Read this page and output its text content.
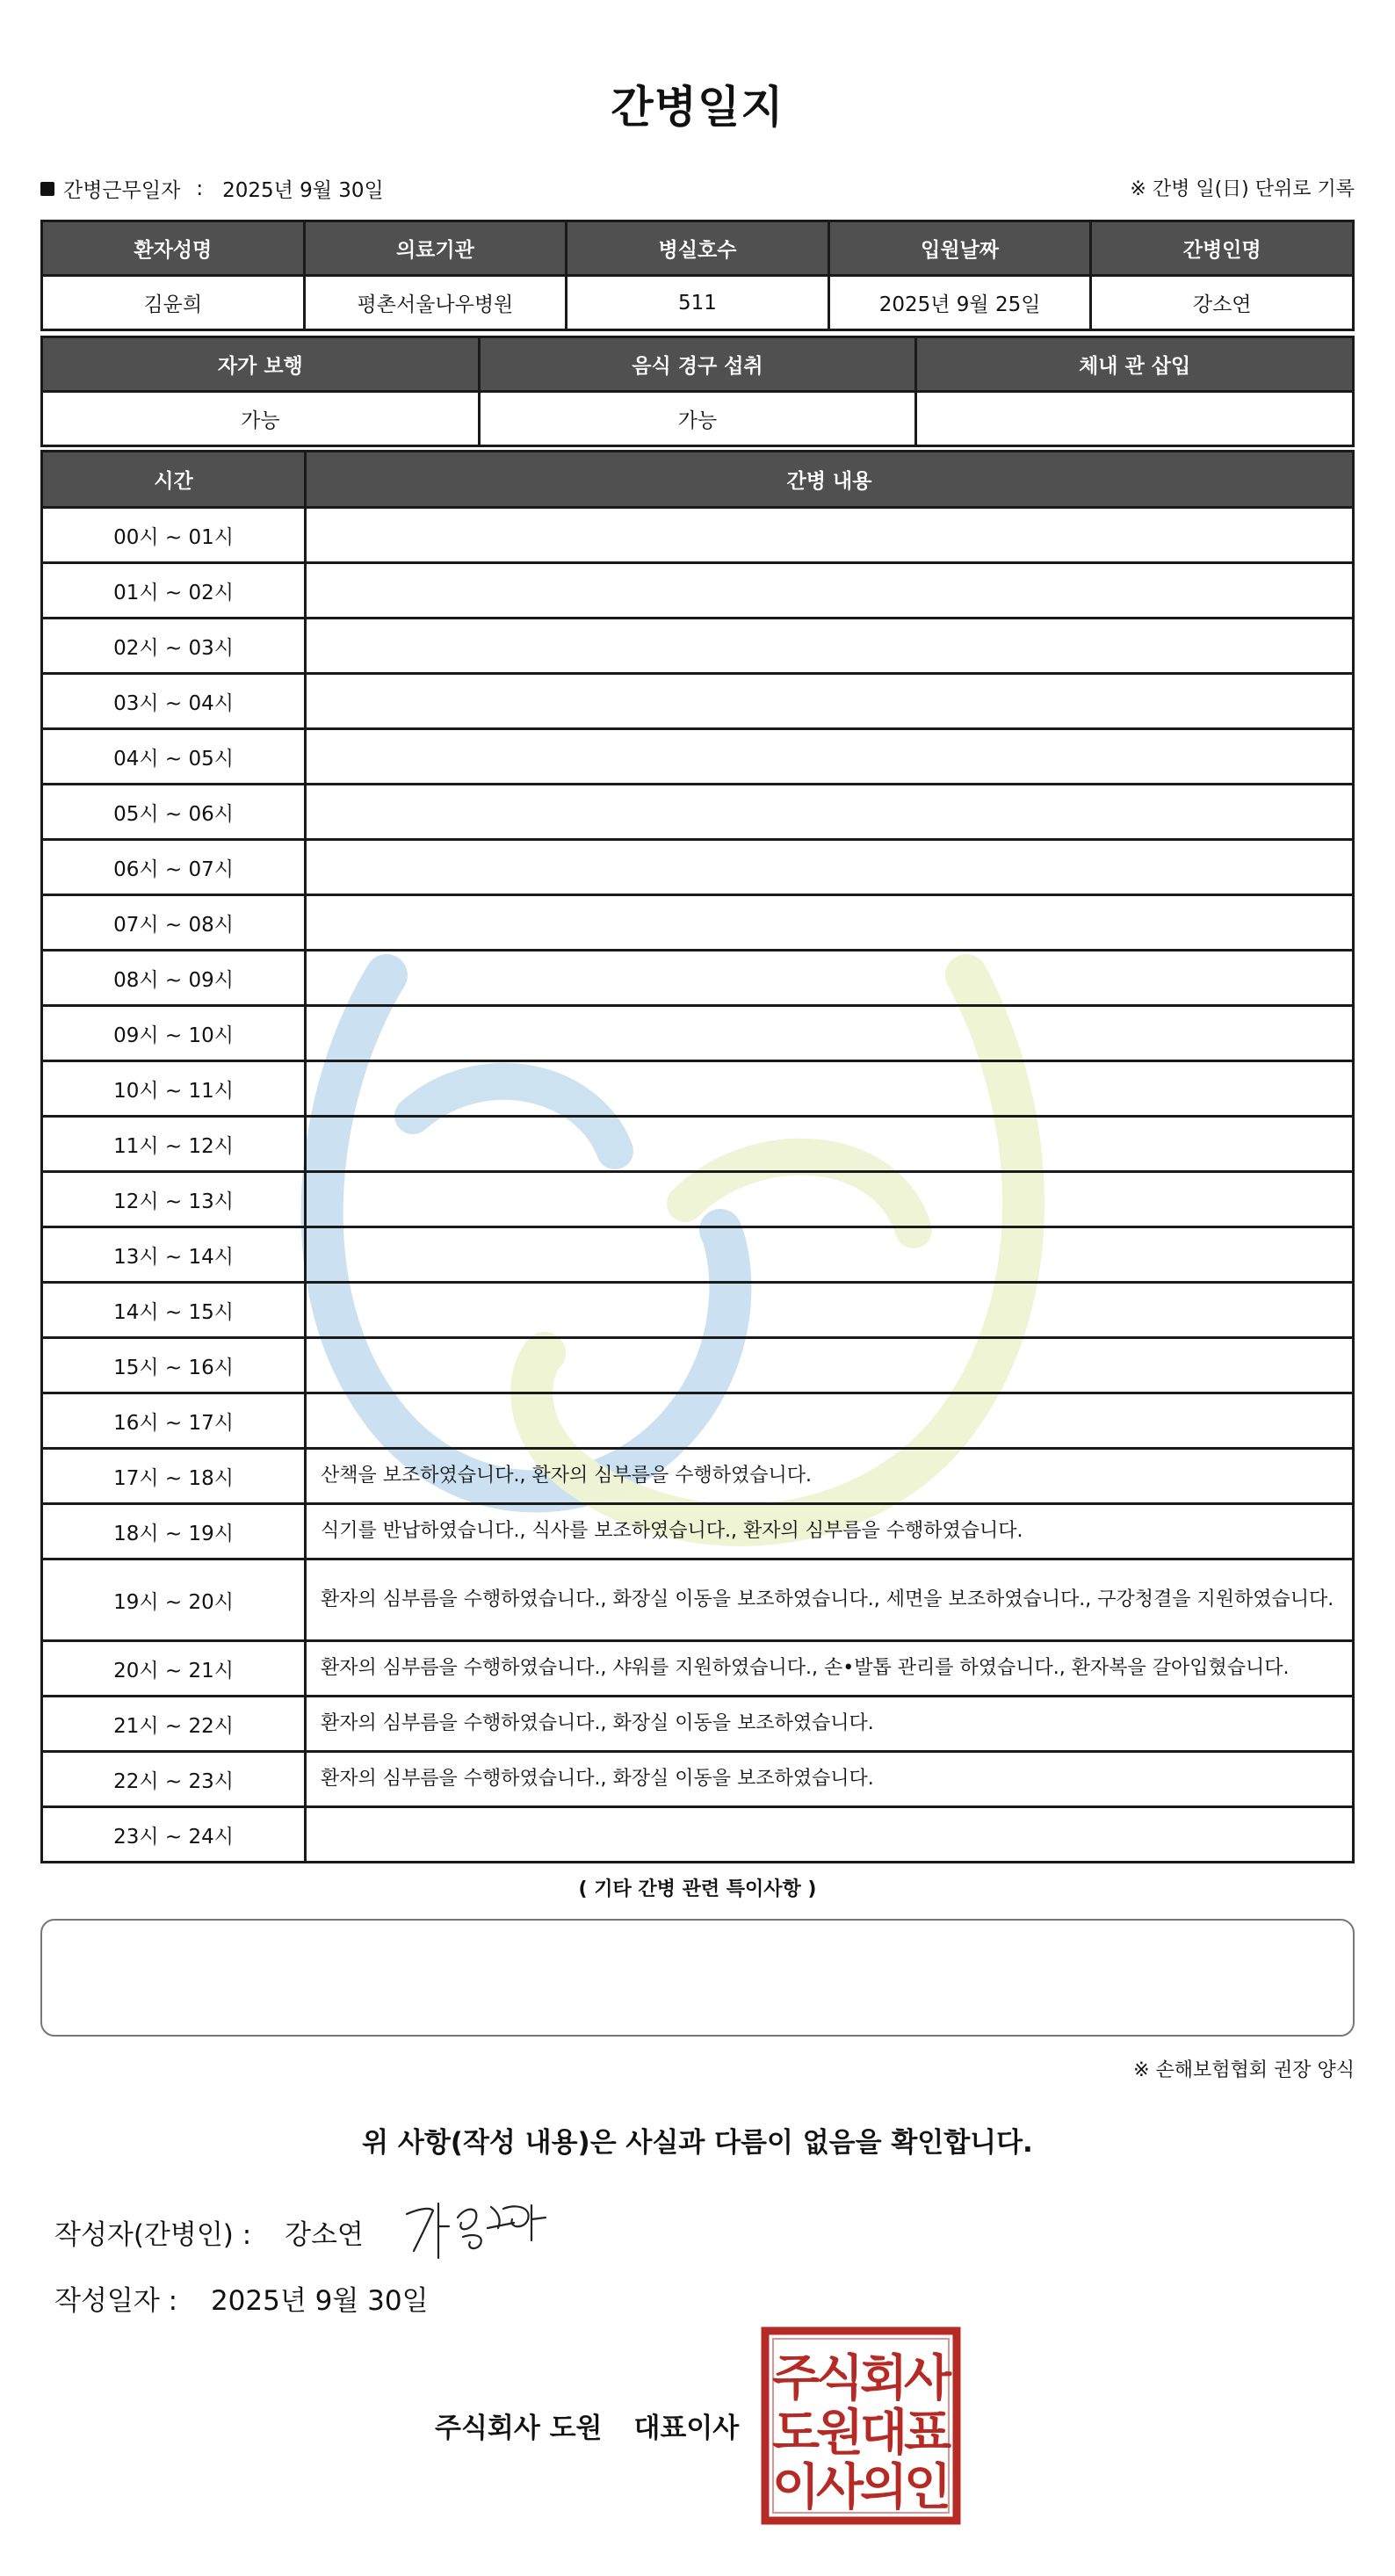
간병일지
간병근무일자 : 2025년 9월 30일	※ 간병 일(日) 단위로 기록
환자성명	의료기관	병실호수	입원날짜	간병인명
김윤희	평촌서울나우병원	511	2025년 9월 25일	강소연
자가 보행	음식 경구 섭취	체내 관 삽입
가능	가능	
시간	간병 내용
00시 ~ 01시	
01시 ~ 02시	
02시 ~ 03시	
03시 ~ 04시	
04시 ~ 05시	
05시 ~ 06시	
06시 ~ 07시	
07시 ~ 08시	
08시 ~ 09시	
09시 ~ 10시	
10시 ~ 11시	
11시 ~ 12시	
12시 ~ 13시	
13시 ~ 14시	
14시 ~ 15시	
15시 ~ 16시	
16시 ~ 17시	
17시 ~ 18시	산책을 보조하였습니다., 환자의 심부름을 수행하였습니다.
18시 ~ 19시	식기를 반납하였습니다., 식사를 보조하였습니다., 환자의 심부름을 수행하였습니다.
19시 ~ 20시	환자의 심부름을 수행하였습니다., 화장실 이동을 보조하였습니다., 세면을 보조하였습니다., 구강청결을 지원하였습니다.
20시 ~ 21시	환자의 심부름을 수행하였습니다., 샤워를 지원하였습니다., 손•발톱 관리를 하였습니다., 환자복을 갈아입혔습니다.
21시 ~ 22시	환자의 심부름을 수행하였습니다., 화장실 이동을 보조하였습니다.
22시 ~ 23시	환자의 심부름을 수행하였습니다., 화장실 이동을 보조하였습니다.
23시 ~ 24시	
( 기타 간병 관련 특이사항 )
※ 손해보험협회 권장 양식
위 사항(작성 내용)은 사실과 다름이 없음을 확인합니다.
작성자(간병인) : 강소연
작성일자 : 2025년 9월 30일
주식회사 도원 대표이사
주
식
회
사
도
원
대
표
이
사
의
인
